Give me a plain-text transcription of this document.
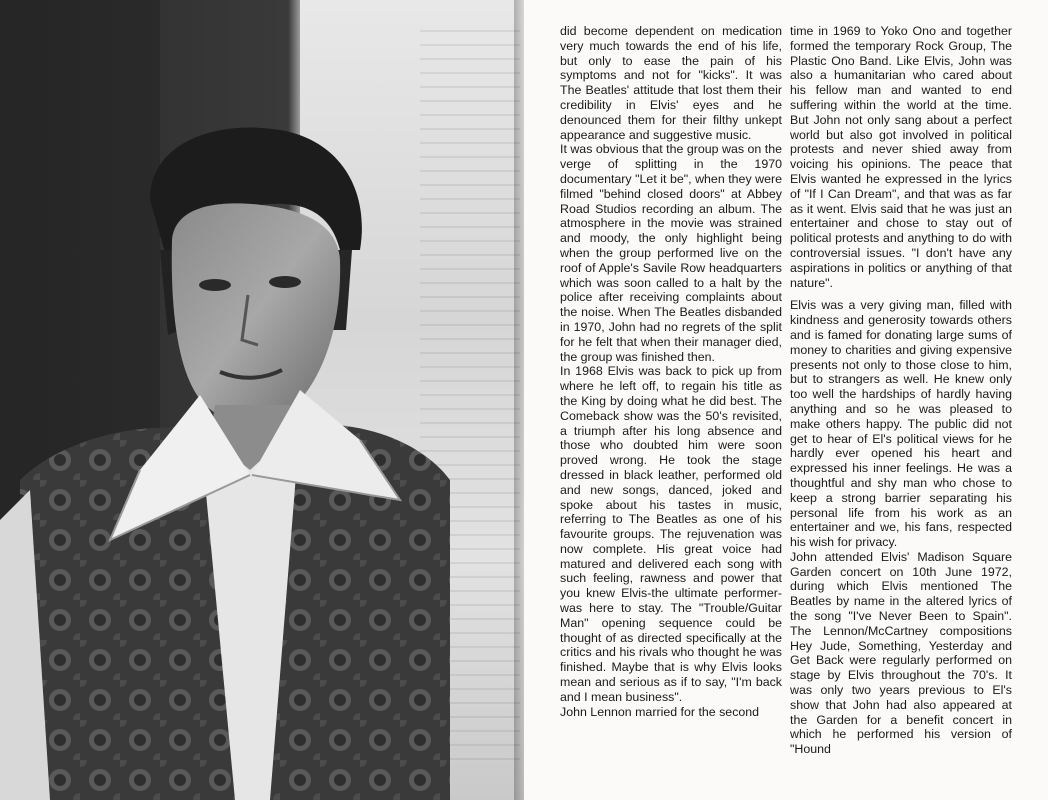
did become dependent on medication very much towards the end of his life, but only to ease the pain of his symptoms and not for "kicks". It was The Beatles' attitude that lost them their credibility in Elvis' eyes and he denounced them for their filthy unkept appearance and suggestive music.

It was obvious that the group was on the verge of splitting in the 1970 documentary "Let it be", when they were filmed "behind closed doors" at Abbey Road Studios recording an album. The atmosphere in the movie was strained and moody, the only highlight being when the group performed live on the roof of Apple's Savile Row headquarters which was soon called to a halt by the police after receiving complaints about the noise. When The Beatles disbanded in 1970, John had no regrets of the split for he felt that when their manager died, the group was finished then.

In 1968 Elvis was back to pick up from where he left off, to regain his title as the King by doing what he did best. The Comeback show was the 50's revisited, a triumph after his long absence and those who doubted him were soon proved wrong. He took the stage dressed in black leather, performed old and new songs, danced, joked and spoke about his tastes in music, referring to The Beatles as one of his favourite groups. The rejuvenation was now complete. His great voice had matured and delivered each song with such feeling, rawness and power that you knew Elvis-the ultimate performer-was here to stay. The "Trouble/Guitar Man" opening sequence could be thought of as directed specifically at the critics and his rivals who thought he was finished. Maybe that is why Elvis looks mean and serious as if to say, "I'm back and I mean business".

John Lennon married for the second

time in 1969 to Yoko Ono and together formed the temporary Rock Group, The Plastic Ono Band. Like Elvis, John was also a humanitarian who cared about his fellow man and wanted to end suffering within the world at the time. But John not only sang about a perfect world but also got involved in political protests and never shied away from voicing his opinions. The peace that Elvis wanted he expressed in the lyrics of "If I Can Dream", and that was as far as it went. Elvis said that he was just an entertainer and chose to stay out of political protests and anything to do with controversial issues. "I don't have any aspirations in politics or anything of that nature".

Elvis was a very giving man, filled with kindness and generosity towards others and is famed for donating large sums of money to charities and giving expensive presents not only to those close to him, but to strangers as well. He knew only too well the hardships of hardly having anything and so he was pleased to make others happy. The public did not get to hear of El's political views for he hardly ever opened his heart and expressed his inner feelings. He was a thoughtful and shy man who chose to keep a strong barrier separating his personal life from his work as an entertainer and we, his fans, respected his wish for privacy.

John attended Elvis' Madison Square Garden concert on 10th June 1972, during which Elvis mentioned The Beatles by name in the altered lyrics of the song "I've Never Been to Spain". The Lennon/McCartney compositions Hey Jude, Something, Yesterday and Get Back were regularly performed on stage by Elvis throughout the 70's. It was only two years previous to El's show that John had also appeared at the Garden for a benefit concert in which he performed his version of "Hound
